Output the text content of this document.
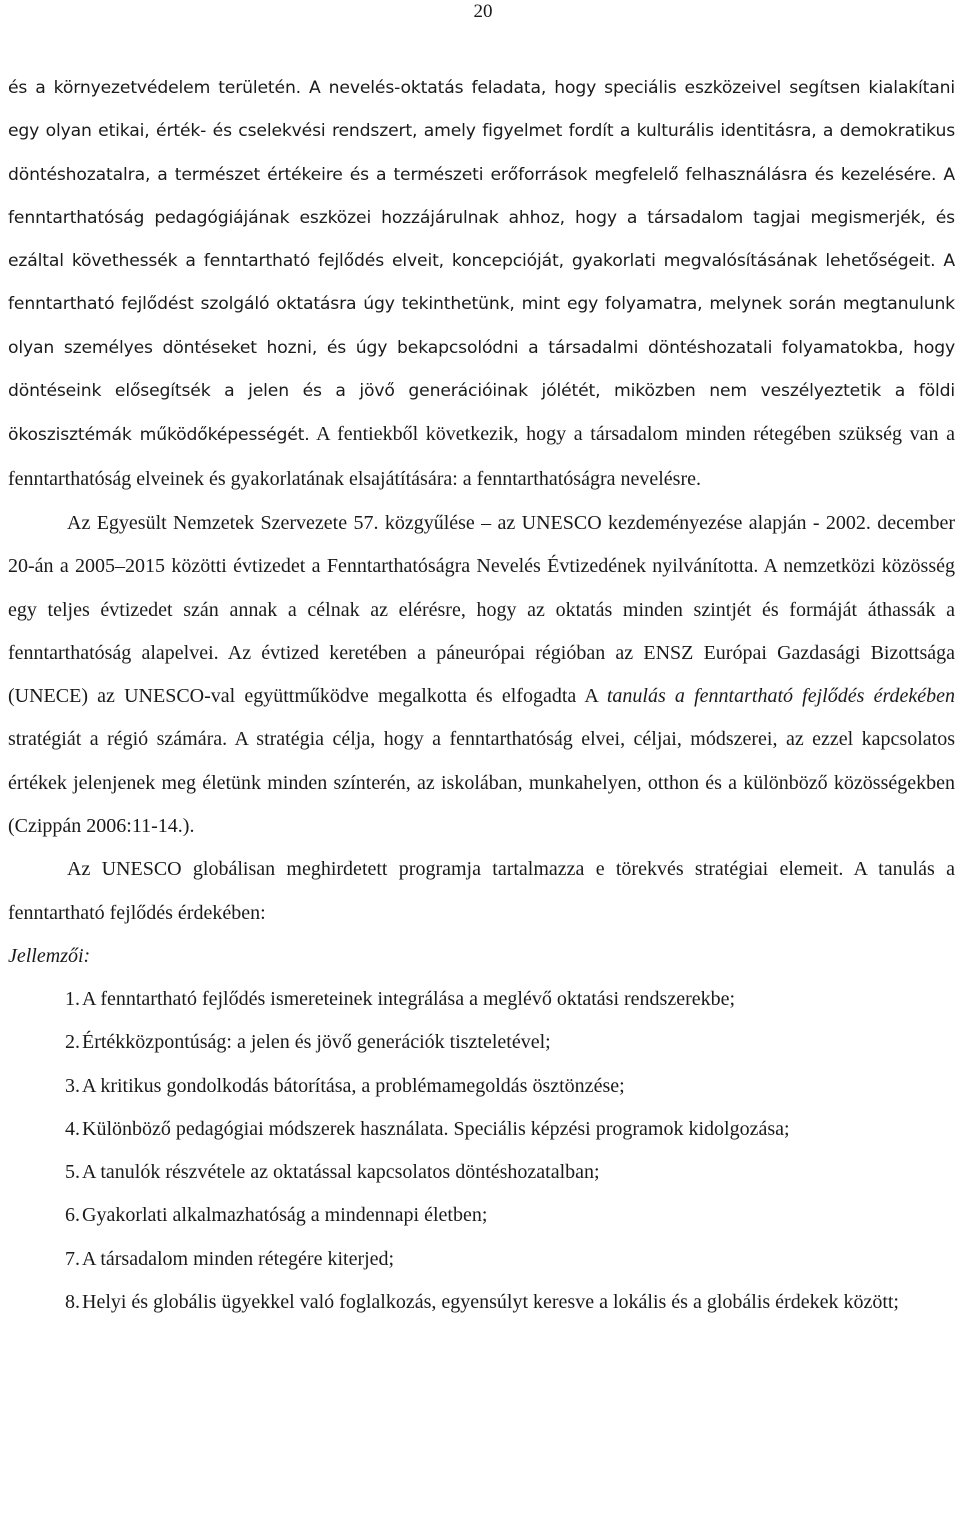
20

és a környezetvédelem területén. A nevelés-oktatás feladata, hogy speciális eszközeivel segítsen kialakítani egy olyan etikai, érték- és cselekvési rendszert, amely figyelmet fordít a kulturális identitásra, a demokratikus döntéshozatalra, a természet értékeire és a természeti erőforrások megfelelő felhasználásra és kezelésére. A fenntarthatóság pedagógiájának eszközei hozzájárulnak ahhoz, hogy a társadalom tagjai megismerjék, és ezáltal követhessék a fenntartható fejlődés elveit, koncepcióját, gyakorlati megvalósításának lehetőségeit. A fenntartható fejlődést szolgáló oktatásra úgy tekinthetünk, mint egy folyamatra, melynek során megtanulunk olyan személyes döntéseket hozni, és úgy bekapcsolódni a társadalmi döntéshozatali folyamatokba, hogy döntéseink elősegítsék a jelen és a jövő generációinak jólétét, miközben nem veszélyeztetik a földi ökoszisztémák működőképességét. A fentiekből következik, hogy a társadalom minden rétegében szükség van a fenntarthatóság elveinek és gyakorlatának elsajátítására: a fenntarthatóságra nevelésre.

Az Egyesült Nemzetek Szervezete 57. közgyűlése – az UNESCO kezdeményezése alapján - 2002. december 20-án a 2005–2015 közötti évtizedet a Fenntarthatóságra Nevelés Évtizedének nyilvánította. A nemzetközi közösség egy teljes évtizedet szán annak a célnak az elérésre, hogy az oktatás minden szintjét és formáját áthassák a fenntarthatóság alapelvei. Az évtized keretében a páneurópai régióban az ENSZ Európai Gazdasági Bizottsága (UNECE) az UNESCO-val együttműködve megalkotta és elfogadta A tanulás a fenntartható fejlődés érdekében stratégiát a régió számára. A stratégia célja, hogy a fenntarthatóság elvei, céljai, módszerei, az ezzel kapcsolatos értékek jelenjenek meg életünk minden színterén, az iskolában, munkahelyen, otthon és a különböző közösségekben (Czippán 2006:11-14.).

Az UNESCO globálisan meghirdetett programja tartalmazza e törekvés stratégiai elemeit. A tanulás a fenntartható fejlődés érdekében:

Jellemzői:
1. A fenntartható fejlődés ismereteinek integrálása a meglévő oktatási rendszerekbe;
2. Értékközpontúság: a jelen és jövő generációk tiszteletével;
3. A kritikus gondolkodás bátorítása, a problémamegoldás ösztönzése;
4. Különböző pedagógiai módszerek használata. Speciális képzési programok kidolgozása;
5. A tanulók részvétele az oktatással kapcsolatos döntéshozatalban;
6. Gyakorlati alkalmazhatóság a mindennapi életben;
7. A társadalom minden rétegére kiterjed;
8. Helyi és globális ügyekkel való foglalkozás, egyensúlyt keresve a lokális és a globális érdekek között;
